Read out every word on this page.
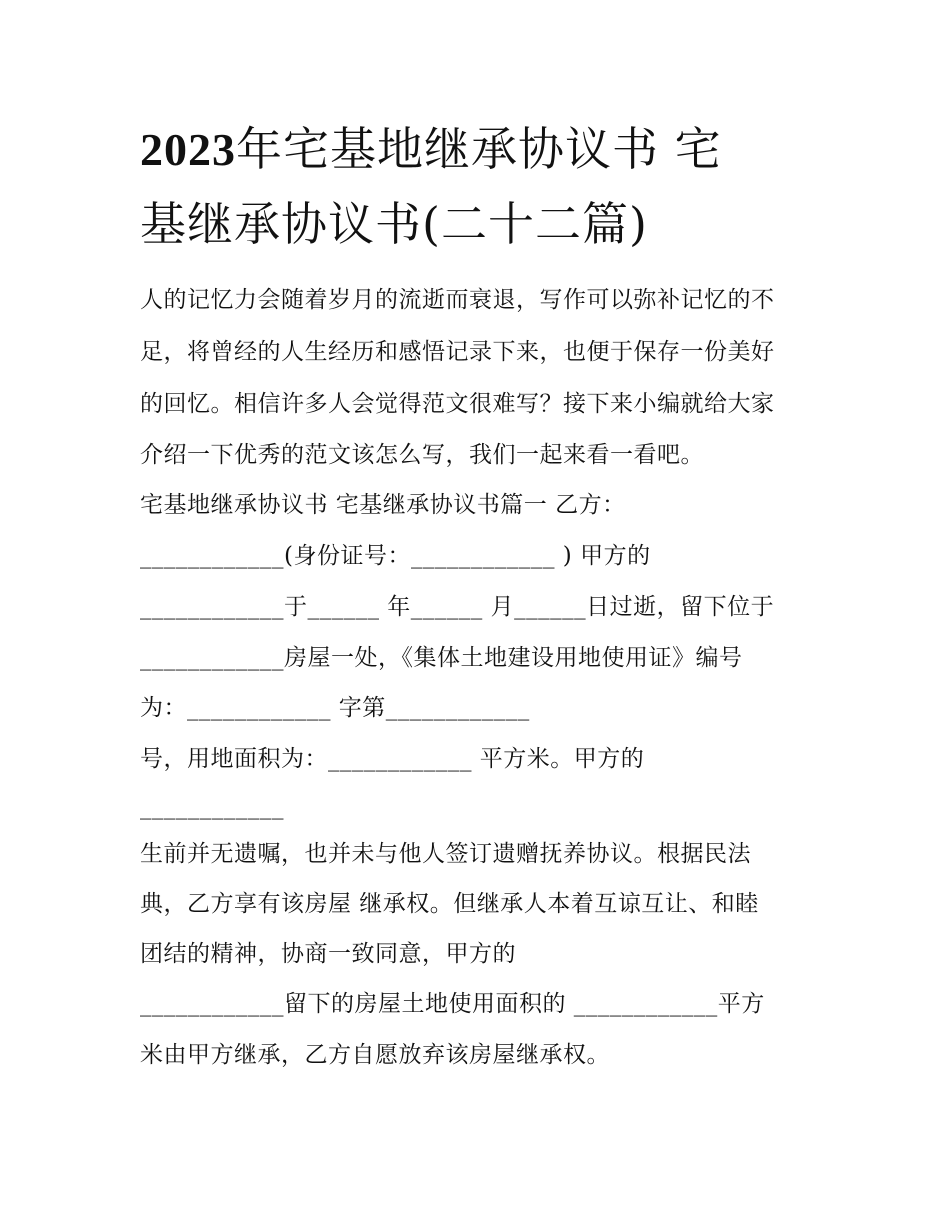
2023年宅基地继承协议书 宅
基继承协议书(二十二篇)

人的记忆力会随着岁月的流逝而衰退，写作可以弥补记忆的不

足，将曾经的人生经历和感悟记录下来，也便于保存一份美好

的回忆。相信许多人会觉得范文很难写？接下来小编就给大家

介绍一下优秀的范文该怎么写，我们一起来看一看吧。

宅基地继承协议书 宅基继承协议书篇一 乙方：

____________(身份证号：____________ ) 甲方的

____________于______ 年______ 月______日过逝，留下位于

____________房屋一处，《集体土地建设用地使用证》编号

为：____________ 字第____________

号，用地面积为：____________ 平方米。甲方的

____________

生前并无遗嘱，也并未与他人签订遗赠抚养协议。根据民法

典，乙方享有该房屋 继承权。但继承人本着互谅互让、和睦

团结的精神，协商一致同意，甲方的

____________留下的房屋土地使用面积的 ____________平方

米由甲方继承，乙方自愿放弃该房屋继承权。
